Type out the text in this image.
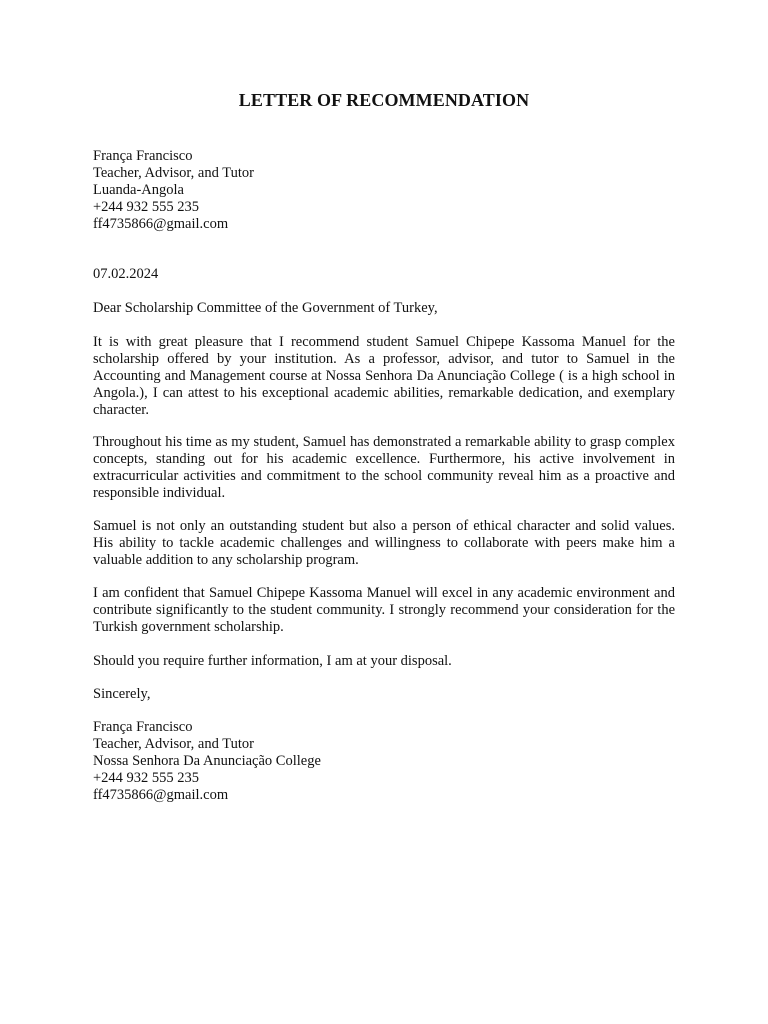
LETTER OF RECOMMENDATION
França Francisco
Teacher, Advisor, and Tutor
Luanda-Angola
+244 932 555 235
ff4735866@gmail.com
07.02.2024
Dear Scholarship Committee of the Government of Turkey,
It is with great pleasure that I recommend student Samuel Chipepe Kassoma Manuel for the scholarship offered by your institution. As a professor, advisor, and tutor to Samuel in the Accounting and Management course at Nossa Senhora Da Anunciação College ( is a high school in Angola.), I can attest to his exceptional academic abilities, remarkable dedication, and exemplary character.
Throughout his time as my student, Samuel has demonstrated a remarkable ability to grasp complex concepts, standing out for his academic excellence. Furthermore, his active involvement in extracurricular activities and commitment to the school community reveal him as a proactive and responsible individual.
Samuel is not only an outstanding student but also a person of ethical character and solid values. His ability to tackle academic challenges and willingness to collaborate with peers make him a valuable addition to any scholarship program.
I am confident that Samuel Chipepe Kassoma Manuel will excel in any academic environment and contribute significantly to the student community. I strongly recommend your consideration for the Turkish government scholarship.
Should you require further information, I am at your disposal.
Sincerely,
França Francisco
Teacher, Advisor, and Tutor
Nossa Senhora Da Anunciação College
+244 932 555 235
ff4735866@gmail.com
